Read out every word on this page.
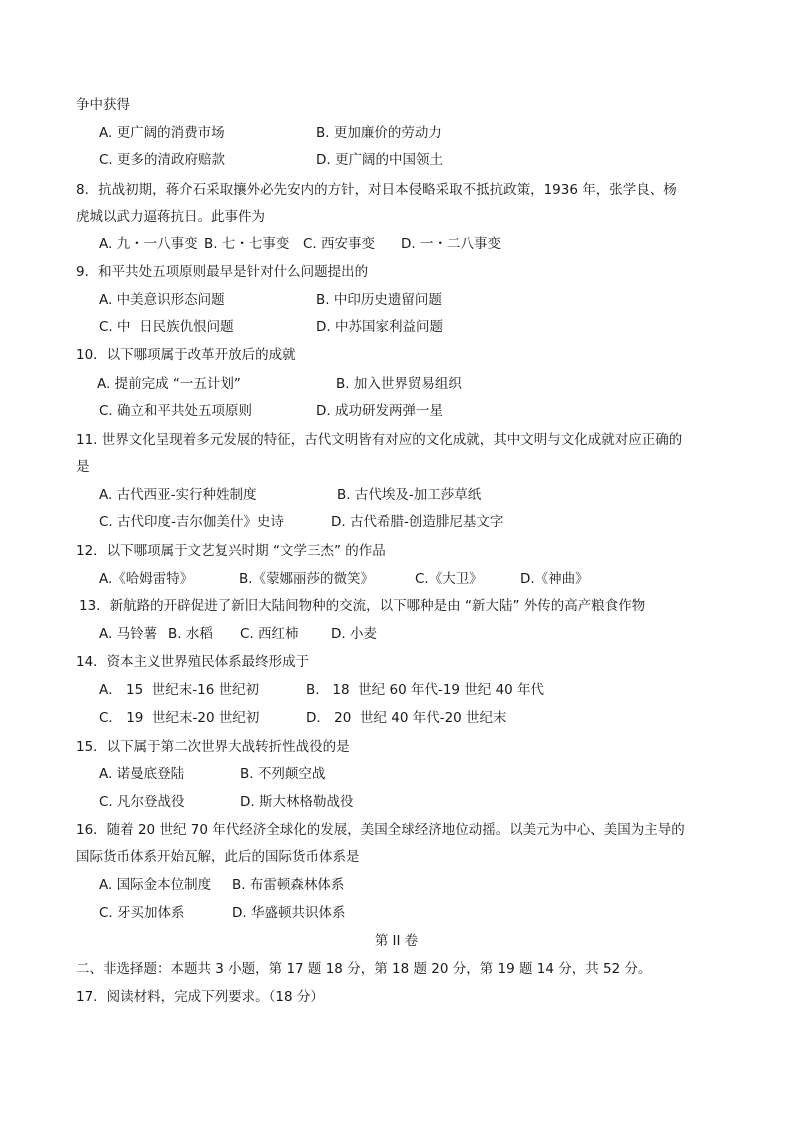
争中获得
A. 更广阔的消费市场	B. 更加廉价的劳动力
C. 更多的清政府赔款	D. 更广阔的中国领土
8．抗战初期，蒋介石采取攘外必先安内的方针，对日本侵略采取不抵抗政策，1936 年，张学良、杨
虎城以武力逼蒋抗日。此事件为
A. 九・一八事变 B. 七・七事变 C. 西安事变 D. 一・二八事变
9．和平共处五项原则最早是针对什么问题提出的
A. 中美意识形态问题	B. 中印历史遗留问题
C. 中  日民族仇恨问题	D. 中苏国家利益问题
10．以下哪项属于改革开放后的成就
A. 提前完成 “一五计划”	B. 加入世界贸易组织
C. 确立和平共处五项原则	D. 成功研发两弹一星
11. 世界文化呈现着多元发展的特征，古代文明皆有对应的文化成就，其中文明与文化成就对应正确的
是
A. 古代西亚-实行种姓制度	B. 古代埃及-加工莎草纸
C. 古代印度-吉尔伽美什》史诗	D. 古代希腊-创造腓尼基文字
12．以下哪项属于文艺复兴时期 “文学三杰” 的作品
A.《哈姆雷特》	B.《蒙娜丽莎的微笑》	C.《大卫》	D.《神曲》
13．新航路的开辟促进了新旧大陆间物种的交流，以下哪种是由 “新大陆” 外传的高产粮食作物
A. 马铃薯 B. 水稻 C. 西红柿 D. 小麦
14．资本主义世界殖民体系最终形成于
A． 15  世纪末-16 世纪初	B.   18  世纪 60 年代-19 世纪 40 年代
C． 19  世纪末-20 世纪初	D． 20  世纪 40 年代-20 世纪末
15．以下属于第二次世界大战转折性战役的是
A. 诺曼底登陆	B. 不列颠空战
C. 凡尔登战役	D. 斯大林格勒战役
16．随着 20 世纪 70 年代经济全球化的发展，美国全球经济地位动摇。以美元为中心、美国为主导的
国际货币体系开始瓦解，此后的国际货币体系是
A. 国际金本位制度 B. 布雷顿森林体系
C. 牙买加体系	D. 华盛顿共识体系
第 II 卷
二、非选择题：本题共 3 小题，第 17 题 18 分，第 18 题 20 分，第 19 题 14 分，共 52 分。
17．阅读材料，完成下列要求。（18 分）
